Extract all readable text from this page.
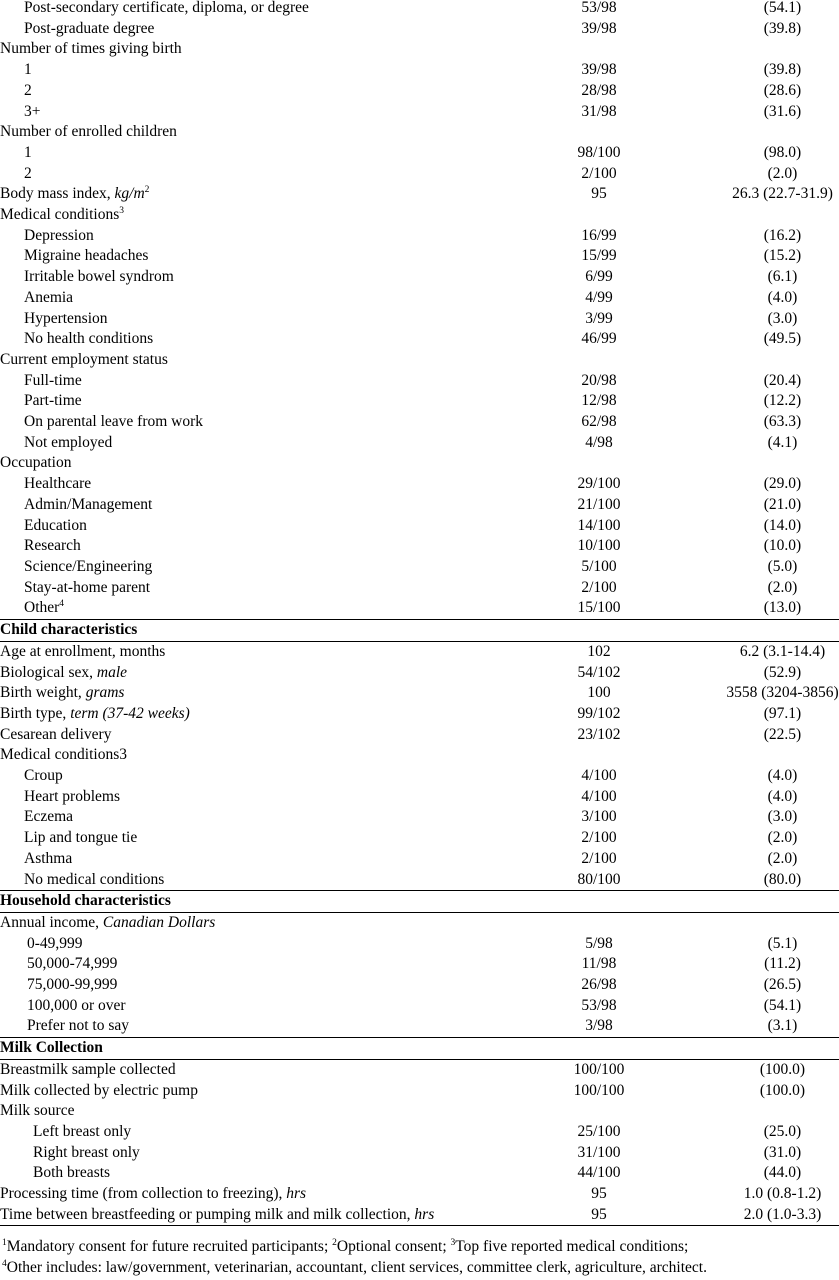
Post-secondary certificate, diploma, or degree	53/98	(54.1)
Post-graduate degree	39/98	(39.8)
Number of times giving birth		
1	39/98	(39.8)
2	28/98	(28.6)
3+	31/98	(31.6)
Number of enrolled children		
1	98/100	(98.0)
2	2/100	(2.0)
Body mass index, $kg/m^2$	95	26.3 (22.7-31.9)
Medical conditions$^3$		
Depression	16/99	(16.2)
Migraine headaches	15/99	(15.2)
Irritable bowel syndrom	6/99	(6.1)
Anemia	4/99	(4.0)
Hypertension	3/99	(3.0)
No health conditions	46/99	(49.5)
Current employment status		
Full-time	20/98	(20.4)
Part-time	12/98	(12.2)
On parental leave from work	62/98	(63.3)
Not employed	4/98	(4.1)
Occupation		
Healthcare	29/100	(29.0)
Admin/Management	21/100	(21.0)
Education	14/100	(14.0)
Research	10/100	(10.0)
Science/Engineering	5/100	(5.0)
Stay-at-home parent	2/100	(2.0)
Other$^4$	15/100	(13.0)
Child characteristics		
Age at enrollment, months	102	6.2 (3.1-14.4)
Biological sex, male	54/102	(52.9)
Birth weight, grams	100	3558 (3204-3856)
Birth type, term (37-42 weeks)	99/102	(97.1)
Cesarean delivery	23/102	(22.5)
Medical conditions3		
Croup	4/100	(4.0)
Heart problems	4/100	(4.0)
Eczema	3/100	(3.0)
Lip and tongue tie	2/100	(2.0)
Asthma	2/100	(2.0)
No medical conditions	80/100	(80.0)
Household characteristics		
Annual income, Canadian Dollars		
0-49,999	5/98	(5.1)
50,000-74,999	11/98	(11.2)
75,000-99,999	26/98	(26.5)
100,000 or over	53/98	(54.1)
Prefer not to say	3/98	(3.1)
Milk Collection		
Breastmilk sample collected	100/100	(100.0)
Milk collected by electric pump	100/100	(100.0)
Milk source		
Left breast only	25/100	(25.0)
Right breast only	31/100	(31.0)
Both breasts	44/100	(44.0)
Processing time (from collection to freezing), hrs	95	1.0 (0.8-1.2)
Time between breastfeeding or pumping milk and milk collection, hrs	95	2.0 (1.0-3.3)

$^1$Mandatory consent for future recruited participants; $^2$Optional consent; $^3$Top five reported medical conditions;

$^4$Other includes: law/government, veterinarian, accountant, client services, committee clerk, agriculture, architect.
